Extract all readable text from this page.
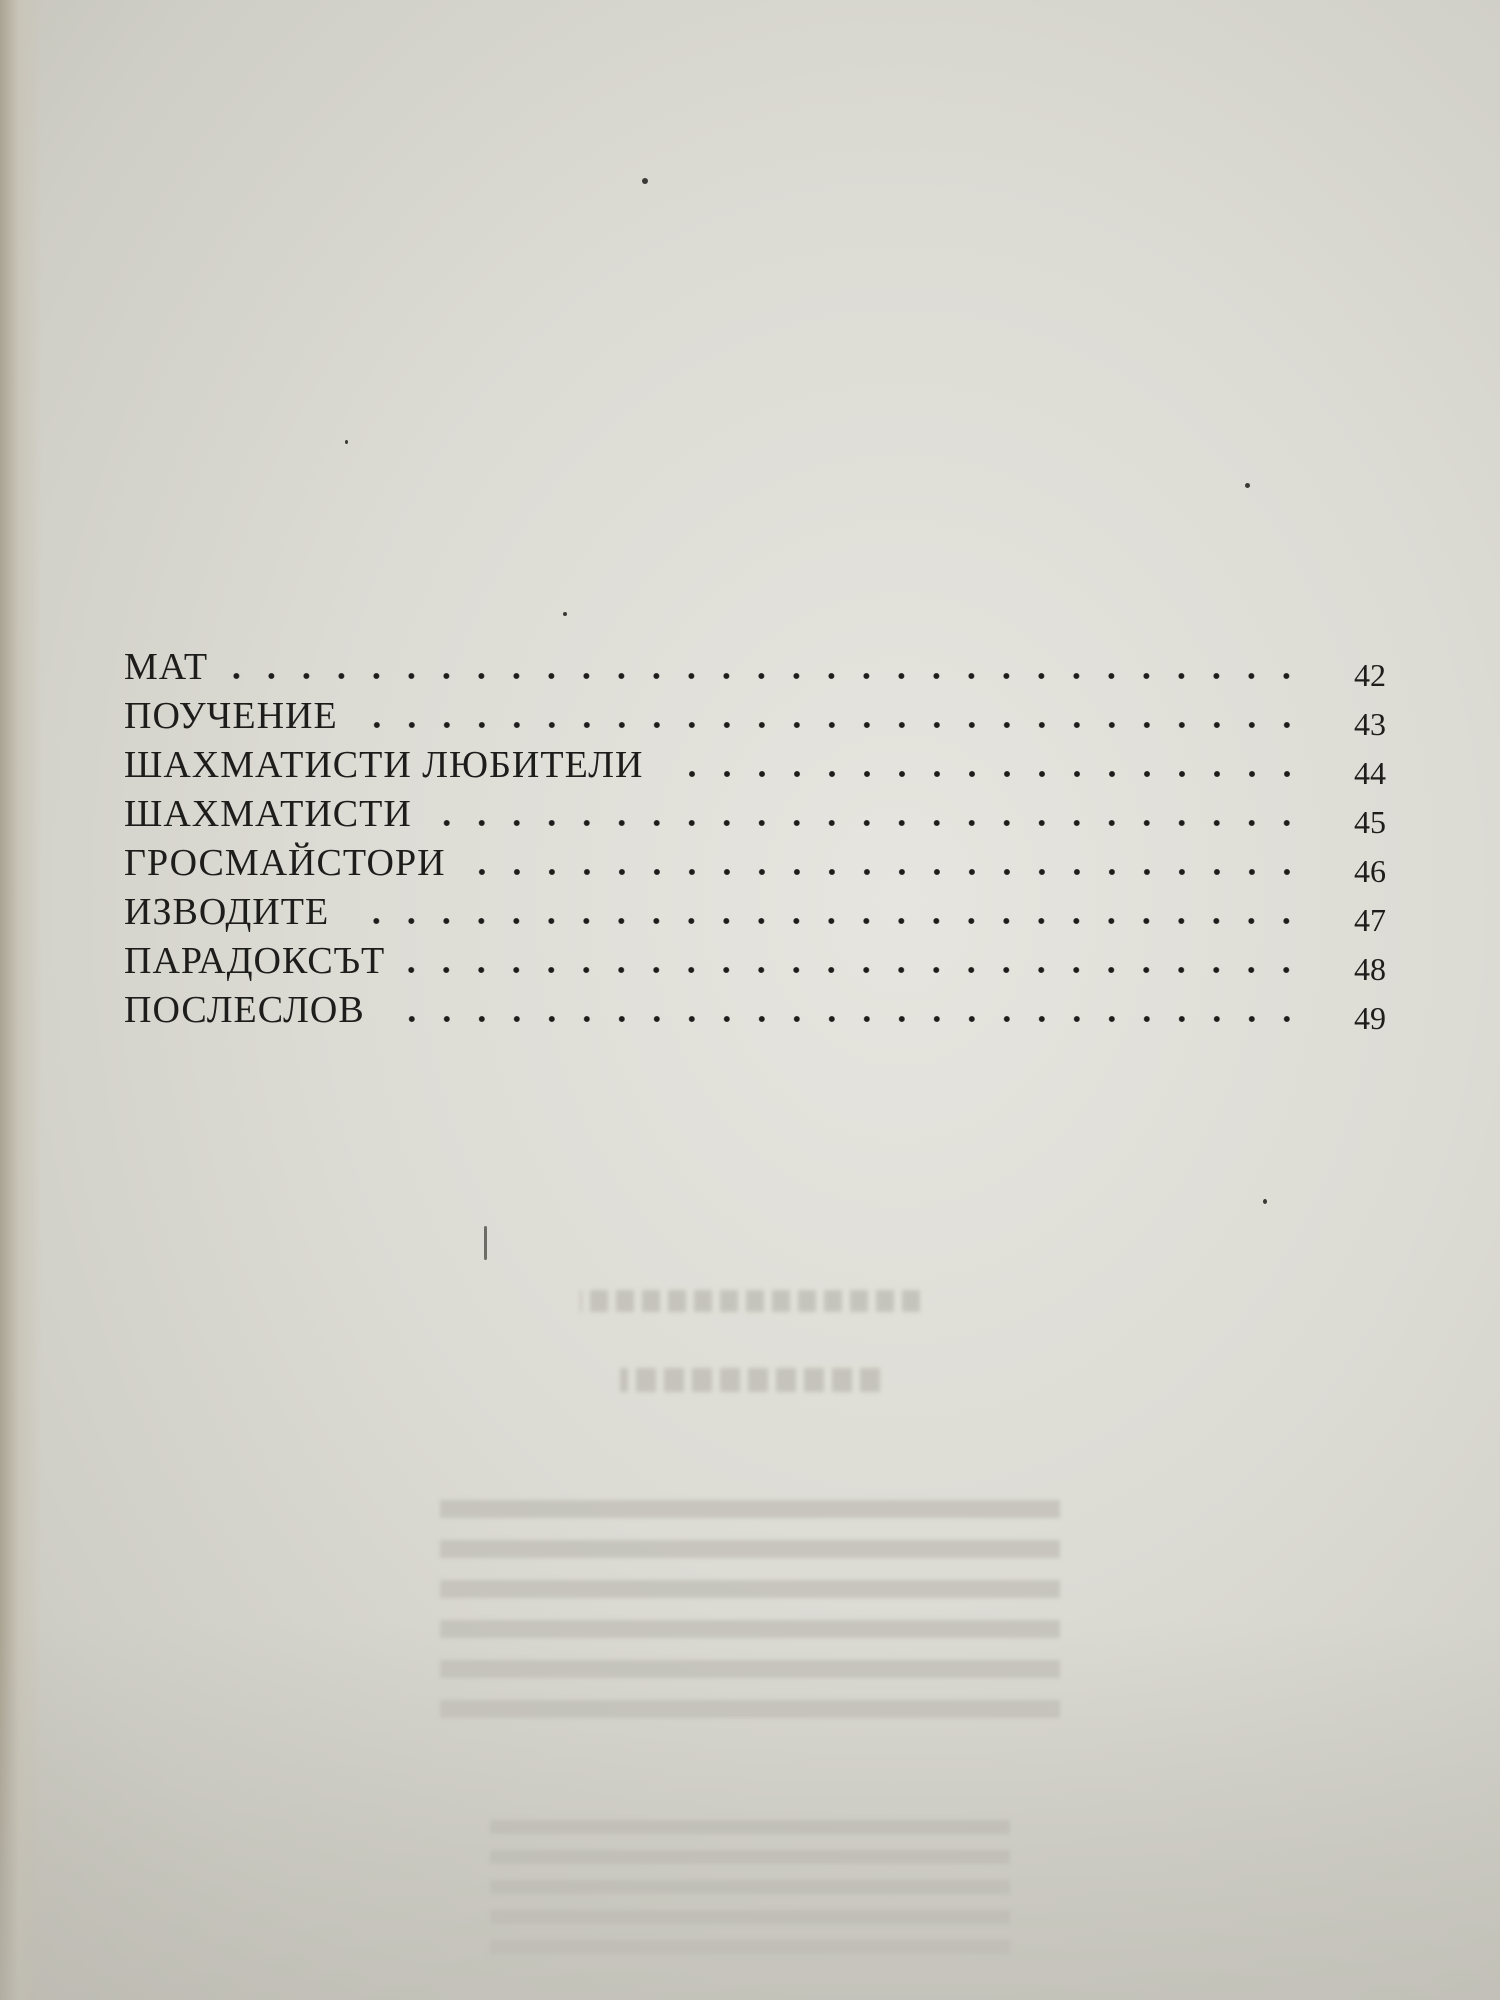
МАТ	42
ПОУЧЕНИЕ	43
ШАХМАТИСТИ ЛЮБИТЕЛИ	44
ШАХМАТИСТИ	45
ГРОСМАЙСТОРИ	46
ИЗВОДИТЕ	47
ПАРАДОКСЪТ	48
ПОСЛЕСЛОВ	49
